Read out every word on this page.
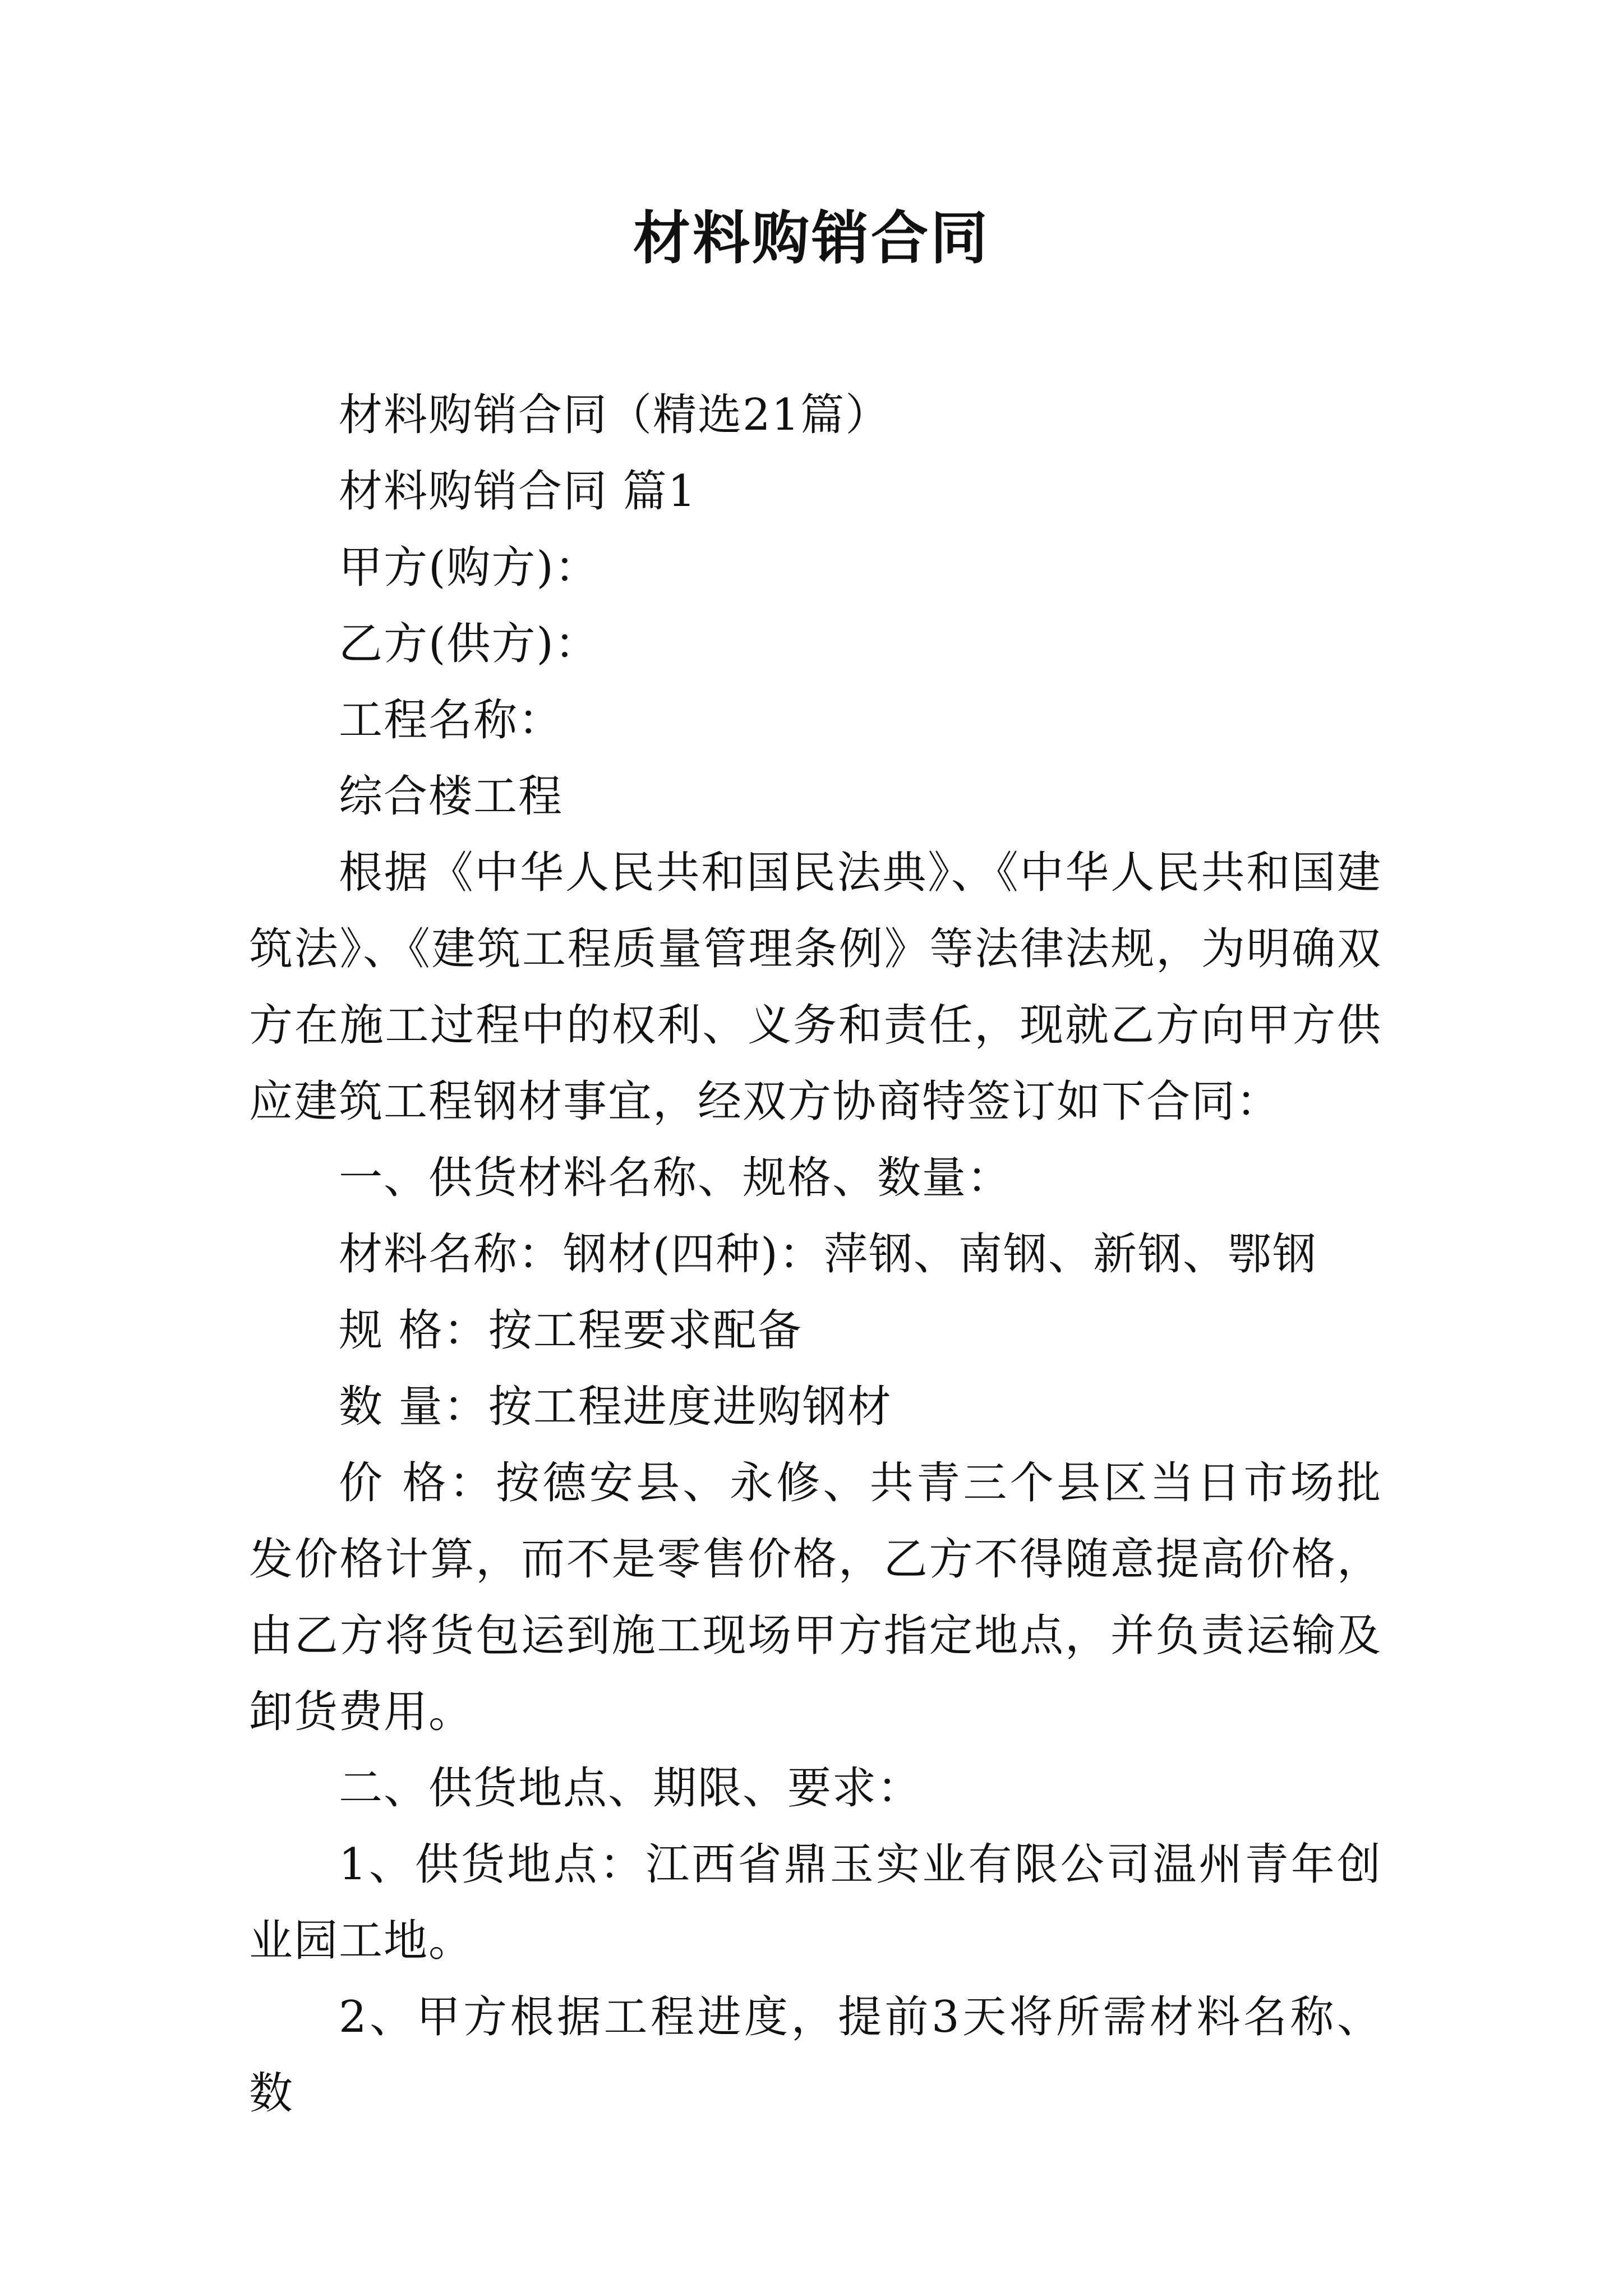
材料购销合同

材料购销合同（精选21篇）

材料购销合同 篇1

甲方(购方)：

乙方(供方)：

工程名称：

综合楼工程

根据《中华人民共和国民法典》、《中华人民共和国建筑法》、《建筑工程质量管理条例》等法律法规，为明确双方在施工过程中的权利、义务和责任，现就乙方向甲方供应建筑工程钢材事宜，经双方协商特签订如下合同：

一、供货材料名称、规格、数量：

材料名称：钢材(四种)：萍钢、南钢、新钢、鄂钢

规 格：按工程要求配备

数 量：按工程进度进购钢材

价 格：按德安县、永修、共青三个县区当日市场批发价格计算，而不是零售价格，乙方不得随意提高价格，由乙方将货包运到施工现场甲方指定地点，并负责运输及卸货费用。

二、供货地点、期限、要求：

1、供货地点：江西省鼎玉实业有限公司温州青年创业园工地。

2、甲方根据工程进度，提前3天将所需材料名称、数
